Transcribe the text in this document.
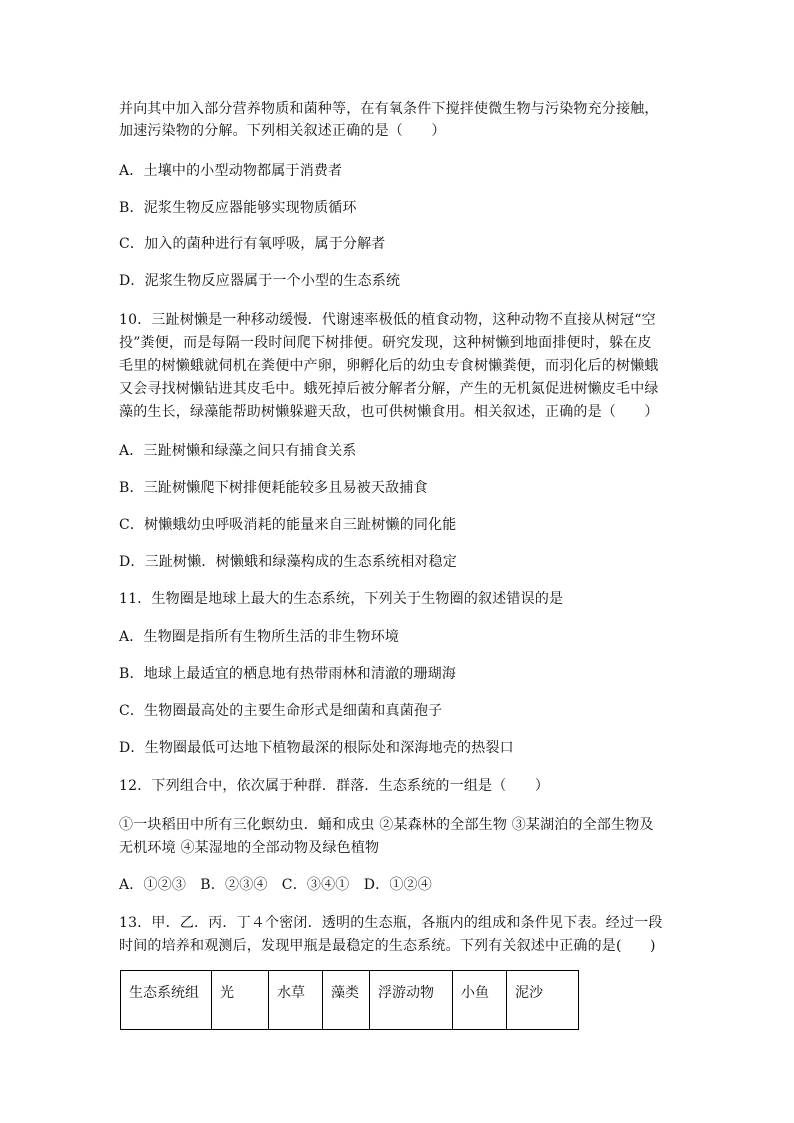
并向其中加入部分营养物质和菌种等，在有氧条件下搅拌使微生物与污染物充分接触，
加速污染物的分解。下列相关叙述正确的是（　　）
A．土壤中的小型动物都属于消费者
B．泥浆生物反应器能够实现物质循环
C．加入的菌种进行有氧呼吸，属于分解者
D．泥浆生物反应器属于一个小型的生态系统
10．三趾树懒是一种移动缓慢．代谢速率极低的植食动物，这种动物不直接从树冠“空
投”粪便，而是每隔一段时间爬下树排便。研究发现，这种树懒到地面排便时，躲在皮
毛里的树懒蛾就伺机在粪便中产卵，卵孵化后的幼虫专食树懒粪便，而羽化后的树懒蛾
又会寻找树懒钻进其皮毛中。蛾死掉后被分解者分解，产生的无机氮促进树懒皮毛中绿
藻的生长，绿藻能帮助树懒躲避天敌，也可供树懒食用。相关叙述，正确的是（　　）
A．三趾树懒和绿藻之间只有捕食关系
B．三趾树懒爬下树排便耗能较多且易被天敌捕食
C．树懒蛾幼虫呼吸消耗的能量来自三趾树懒的同化能
D．三趾树懒．树懒蛾和绿藻构成的生态系统相对稳定
11．生物圈是地球上最大的生态系统，下列关于生物圈的叙述错误的是
A．生物圈是指所有生物所生活的非生物环境
B．地球上最适宜的栖息地有热带雨林和清澈的珊瑚海
C．生物圈最高处的主要生命形式是细菌和真菌孢子
D．生物圈最低可达地下植物最深的根际处和深海地壳的热裂口
12．下列组合中，依次属于种群．群落．生态系统的一组是（　　）
①一块稻田中所有三化螟幼虫．蛹和成虫 ②某森林的全部生物 ③某湖泊的全部生物及
无机环境 ④某湿地的全部动物及绿色植物
A．①②③　B．②③④　C．③④①　D．①②④
13．甲．乙．丙．丁４个密闭．透明的生态瓶，各瓶内的组成和条件见下表。经过一段
时间的培养和观测后，发现甲瓶是最稳定的生态系统。下列有关叙述中正确的是(　　)
生态系统组	光	水草	藻类	浮游动物	小鱼	泥沙
